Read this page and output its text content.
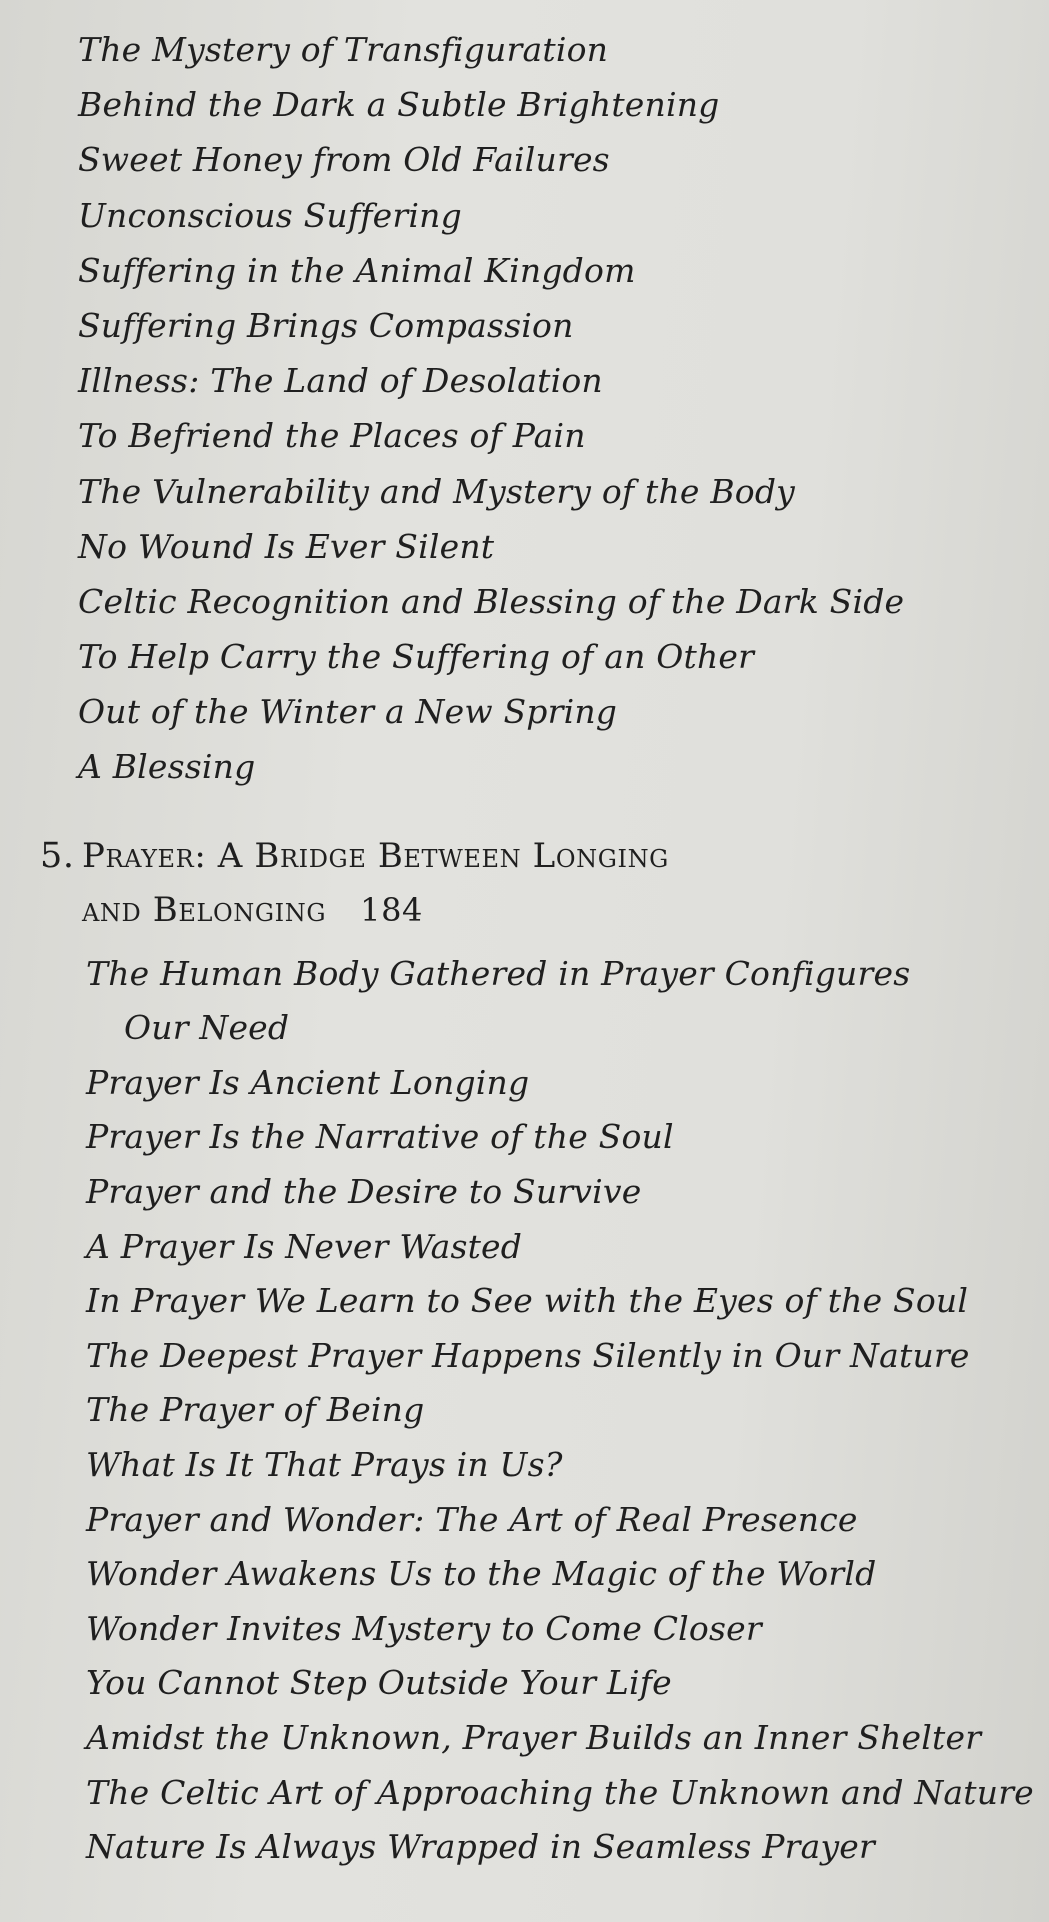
The Mystery of Transfiguration
Behind the Dark a Subtle Brightening
Sweet Honey from Old Failures
Unconscious Suffering
Suffering in the Animal Kingdom
Suffering Brings Compassion
Illness: The Land of Desolation
To Befriend the Places of Pain
The Vulnerability and Mystery of the Body
No Wound Is Ever Silent
Celtic Recognition and Blessing of the Dark Side
To Help Carry the Suffering of an Other
Out of the Winter a New Spring
A Blessing
5. Prayer: A Bridge Between Longing
and Belonging 184
The Human Body Gathered in Prayer Configures
Our Need
Prayer Is Ancient Longing
Prayer Is the Narrative of the Soul
Prayer and the Desire to Survive
A Prayer Is Never Wasted
In Prayer We Learn to See with the Eyes of the Soul
The Deepest Prayer Happens Silently in Our Nature
The Prayer of Being
What Is It That Prays in Us?
Prayer and Wonder: The Art of Real Presence
Wonder Awakens Us to the Magic of the World
Wonder Invites Mystery to Come Closer
You Cannot Step Outside Your Life
Amidst the Unknown, Prayer Builds an Inner Shelter
The Celtic Art of Approaching the Unknown and Nature
Nature Is Always Wrapped in Seamless Prayer
